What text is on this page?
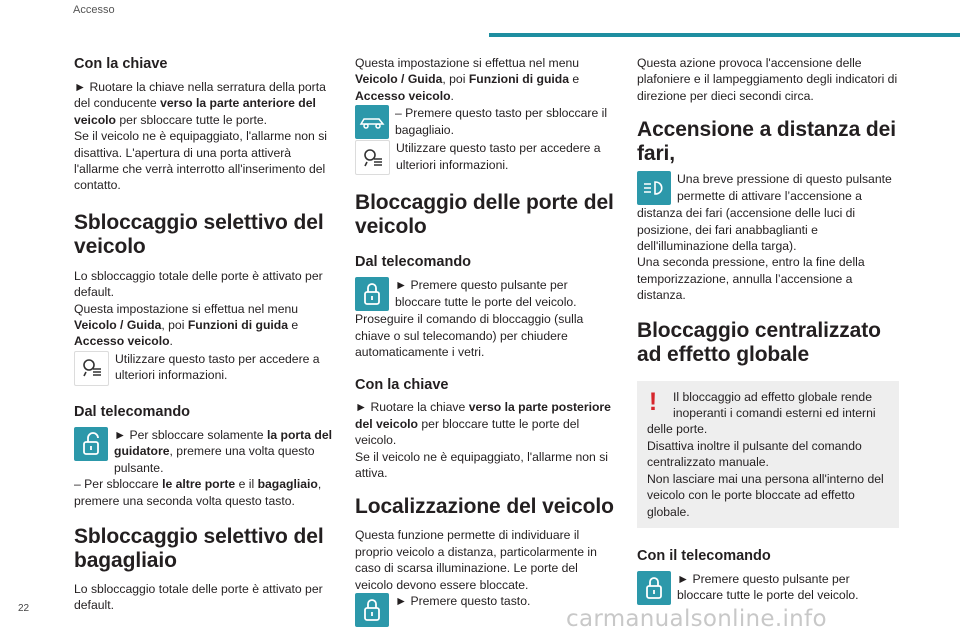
Accesso
Con la chiave

► Ruotare la chiave nella serratura della porta del conducente verso la parte anteriore del veicolo per sbloccare tutte le porte.

Se il veicolo ne è equipaggiato, l'allarme non si disattiva. L'apertura di una porta attiverà l'allarme che verrà interrotto all'inserimento del contatto.

Sbloccaggio selettivo del veicolo

Lo sbloccaggio totale delle porte è attivato per default.

Questa impostazione si effettua nel menu Veicolo / Guida, poi Funzioni di guida e Accesso veicolo.

Utilizzare questo tasto per accedere a ulteriori informazioni.

Dal telecomando

► Per sbloccare solamente la porta del guidatore, premere una volta questo pulsante.

– Per sbloccare le altre porte e il bagagliaio, premere una seconda volta questo tasto.

Sbloccaggio selettivo del bagagliaio

Lo sbloccaggio totale delle porte è attivato per default.

Questa impostazione si effettua nel menu Veicolo / Guida, poi Funzioni di guida e Accesso veicolo.

– Premere questo tasto per sbloccare il bagagliaio.

Utilizzare questo tasto per accedere a ulteriori informazioni.

Bloccaggio delle porte del veicolo
Dal telecomando

► Premere questo pulsante per bloccare tutte le porte del veicolo.

Proseguire il comando di bloccaggio (sulla chiave o sul telecomando) per chiudere automaticamente i vetri.

Con la chiave

► Ruotare la chiave verso la parte posteriore del veicolo per bloccare tutte le porte del veicolo.

Se il veicolo ne è equipaggiato, l'allarme non si attiva.

Localizzazione del veicolo

Questa funzione permette di individuare il proprio veicolo a distanza, particolarmente in caso di scarsa illuminazione. Le porte del veicolo devono essere bloccate.

► Premere questo tasto.

Questa azione provoca l'accensione delle plafoniere e il lampeggiamento degli indicatori di direzione per dieci secondi circa.

Accensione a distanza dei fari,

Una breve pressione di questo pulsante permette di attivare l’accensione a

distanza dei fari (accensione delle luci di posizione, dei fari anabbaglianti e dell'illuminazione della targa).

Una seconda pressione, entro la fine della temporizzazione, annulla l’accensione a distanza.

Bloccaggio centralizzato ad effetto globale
! Il bloccaggio ad effetto globale rende inoperanti i comandi esterni ed interni

delle porte.

Disattiva inoltre il pulsante del comando centralizzato manuale.

Non lasciare mai una persona all'interno del veicolo con le porte bloccate ad effetto globale.

Con il telecomando

► Premere questo pulsante per bloccare tutte le porte del veicolo.

22	carmanualsonline.info
